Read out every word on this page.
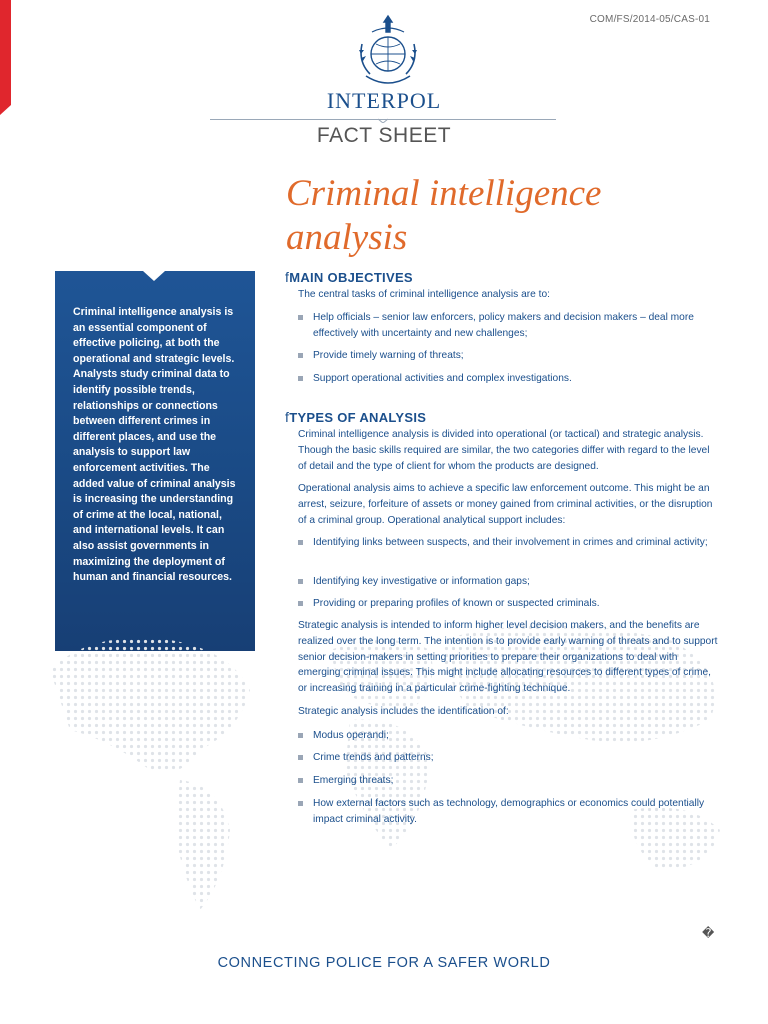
COM/FS/2014-05/CAS-01
INTERPOL
FACT SHEET
Criminal intelligence analysis

Criminal intelligence analysis is an essential component of effective policing, at both the operational and strategic levels. Analysts study criminal data to identify possible trends, relationships or connections between different crimes in different places, and use the analysis to support law enforcement activities. The added value of criminal analysis is increasing the understanding of crime at the local, national, and international levels. It can also assist governments in maximizing the deployment of human and financial resources.

fMAIN OBJECTIVES

The central tasks of criminal intelligence analysis are to:

Help officials – senior law enforcers, policy makers and decision makers – deal more effectively with uncertainty and new challenges;
Provide timely warning of threats;
Support operational activities and complex investigations.
fTYPES OF ANALYSIS

Criminal intelligence analysis is divided into operational (or tactical) and strategic analysis. Though the basic skills required are similar, the two categories differ with regard to the level of detail and the type of client for whom the products are designed.

Operational analysis aims to achieve a specific law enforcement outcome. This might be an arrest, seizure, forfeiture of assets or money gained from criminal activities, or the disruption of a criminal group. Operational analytical support includes:

Identifying links between suspects, and their involvement in crimes and criminal activity;
Identifying key investigative or information gaps;
Providing or preparing profiles of known or suspected criminals.

Strategic analysis is intended to inform higher level decision makers, and the benefits are realized over the long term. The intention is to provide early warning of threats and to support senior decision-makers in setting priorities to prepare their organizations to deal with emerging criminal issues. This might include allocating resources to different types of crime, or increasing training in a particular crime-fighting technique.

Strategic analysis includes the identification of:

Modus operandi;
Crime trends and patterns;
Emerging threats;
How external factors such as technology, demographics or economics could potentially impact criminal activity.
�
CONNECTING POLICE FOR A SAFER WORLD
